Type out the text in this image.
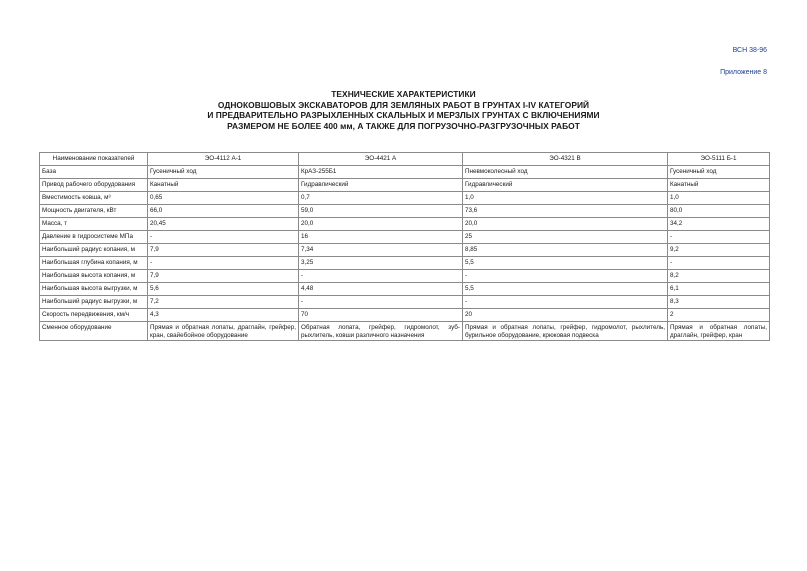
ВСН 38-96
Приложение 8
ТЕХНИЧЕСКИЕ ХАРАКТЕРИСТИКИ
ОДНОКОВШОВЫХ ЭКСКАВАТОРОВ ДЛЯ ЗЕМЛЯНЫХ РАБОТ В ГРУНТАХ I-IV КАТЕГОРИЙ
И ПРЕДВАРИТЕЛЬНО РАЗРЫХЛЕННЫХ СКАЛЬНЫХ И МЕРЗЛЫХ ГРУНТАХ С ВКЛЮЧЕНИЯМИ
РАЗМЕРОМ НЕ БОЛЕЕ 400 мм, А ТАКЖЕ ДЛЯ ПОГРУЗОЧНО-РАЗГРУЗОЧНЫХ РАБОТ
Наименование показателей	ЭО-4112 А-1	ЭО-4421 А	ЭО-4321 В	ЭО-5111 Б-1
База	Гусеничный ход	КрАЗ-255Б1	Пневмоколесный ход	Гусеничный ход
Привод рабочего оборудования	Канатный	Гидравлический	Гидравлический	Канатный
Вместимость ковша, м³	0,65	0,7	1,0	1,0
Мощность двигателя, кВт	66,0	59,0	73,6	80,0
Масса, т	20,45	20,0	20,0	34,2
Давление в гидросистеме МПа	-	16	25	-
Наибольший радиус копания, м	7,9	7,34	8,85	9,2
Наибольшая глубина копания, м	-	3,25	5,5	-
Наибольшая высота копания, м	7,9	-	-	8,2
Наибольшая высота выгрузки, м	5,6	4,48	5,5	6,1
Наибольший радиус выгрузки, м	7,2	-	-	8,3
Скорость передвижения, км/ч	4,3	70	20	2
Сменное оборудование	Прямая и обратная лопаты, драглайн, грейфер, кран, свайебойное оборудование	Обратная лопата, грейфер, гидромолот, зуб-рыхлитель, ковши различного назначения	Прямая и обратная лопаты, грейфер, гидромолот, рыхлитель, бурильное оборудование, крюковая подвеска	Прямая и обратная лопаты, драглайн, грейфер, кран
